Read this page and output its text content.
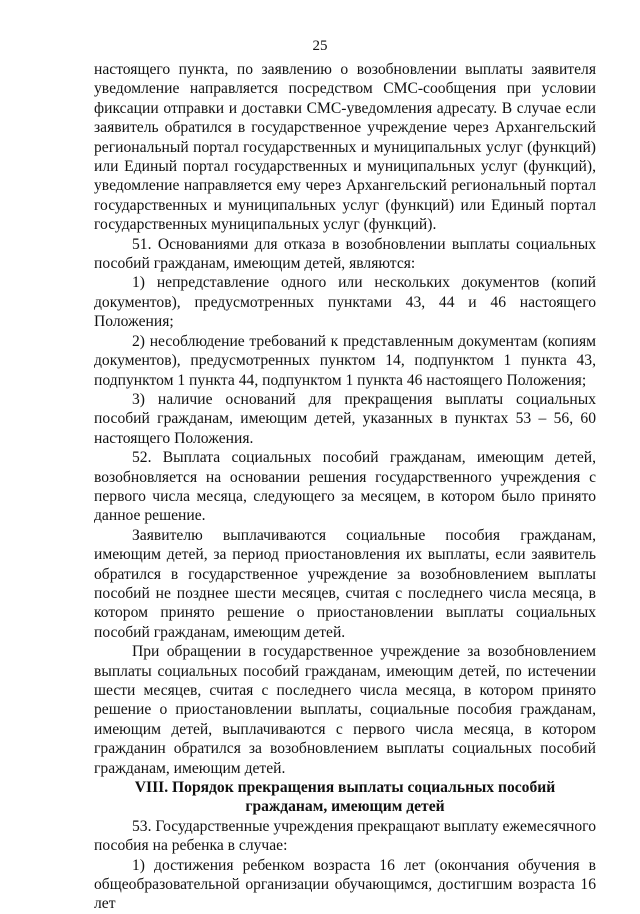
25

настоящего пункта, по заявлению о возобновлении выплаты заявителя уведомление направляется посредством СМС-сообщения при условии фиксации отправки и доставки СМС-уведомления адресату. В случае если заявитель обратился в государственное учреждение через Архангельский региональный портал государственных и муниципальных услуг (функций) или Единый портал государственных и муниципальных услуг (функций), уведомление направляется ему через Архангельский региональный портал государственных и муниципальных услуг (функций) или Единый портал государственных муниципальных услуг (функций).

51. Основаниями для отказа в возобновлении выплаты социальных пособий гражданам, имеющим детей, являются:

1) непредставление одного или нескольких документов (копий документов), предусмотренных пунктами 43, 44 и 46 настоящего Положения;

2) несоблюдение требований к представленным документам (копиям документов), предусмотренных пунктом 14, подпунктом 1 пункта 43, подпунктом 1 пункта 44, подпунктом 1 пункта 46 настоящего Положения;

3) наличие оснований для прекращения выплаты социальных пособий гражданам, имеющим детей, указанных в пунктах 53 – 56, 60 настоящего Положения.

52. Выплата социальных пособий гражданам, имеющим детей, возобновляется на основании решения государственного учреждения с первого числа месяца, следующего за месяцем, в котором было принято данное решение.

Заявителю выплачиваются социальные пособия гражданам, имеющим детей, за период приостановления их выплаты, если заявитель обратился в государственное учреждение за возобновлением выплаты пособий не позднее шести месяцев, считая с последнего числа месяца, в котором принято решение о приостановлении выплаты социальных пособий гражданам, имеющим детей.

При обращении в государственное учреждение за возобновлением выплаты социальных пособий гражданам, имеющим детей, по истечении шести месяцев, считая с последнего числа месяца, в котором принято решение о приостановлении выплаты, социальные пособия гражданам, имеющим детей, выплачиваются с первого числа месяца, в котором гражданин обратился за возобновлением выплаты социальных пособий гражданам, имеющим детей.

VIII. Порядок прекращения выплаты социальных пособий
гражданам, имеющим детей

53. Государственные учреждения прекращают выплату ежемесячного пособия на ребенка в случае:

1) достижения ребенком возраста 16 лет (окончания обучения в общеобразовательной организации обучающимся, достигшим возраста 16 лет
